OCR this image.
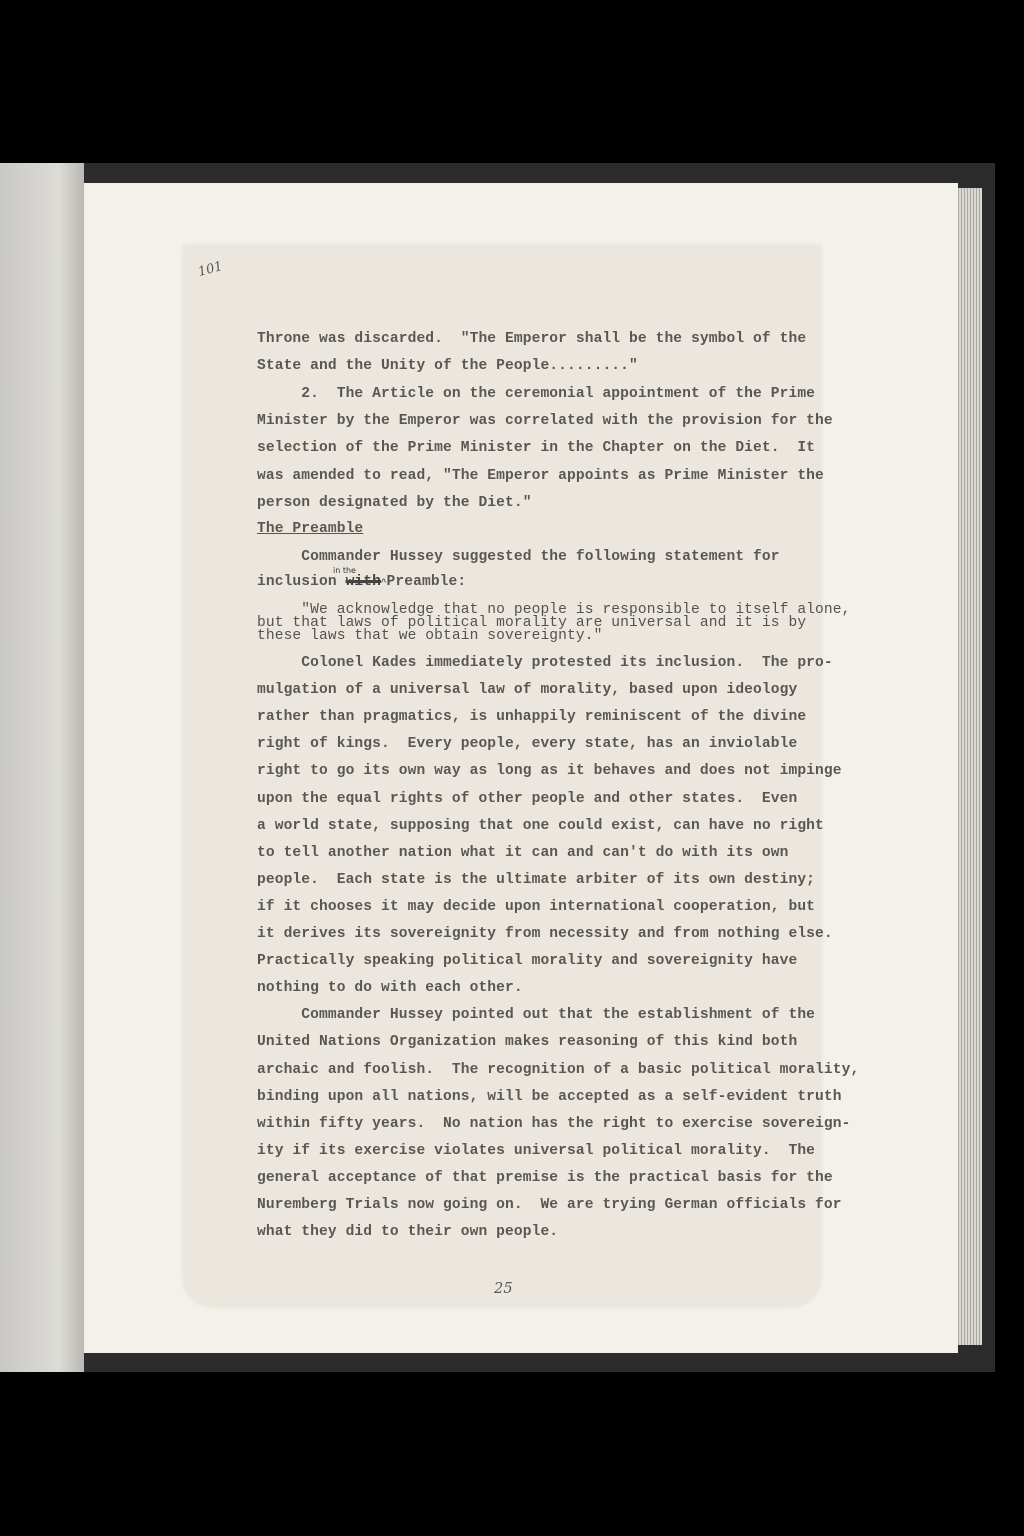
101
Throne was discarded.  "The Emperor shall be the symbol of the
State and the Unity of the People........."
2.  The Article on the ceremonial appointment of the Prime
Minister by the Emperor was correlated with the provision for the
selection of the Prime Minister in the Chapter on the Diet.  It
was amended to read, "The Emperor appoints as Prime Minister the
person designated by the Diet."
"We acknowledge that no people is responsible to itself alone,
but that laws of political morality are universal and it is by
these laws that we obtain sovereignty."
Colonel Kades immediately protested its inclusion.  The pro-
mulgation of a universal law of morality, based upon ideology
rather than pragmatics, is unhappily reminiscent of the divine
right of kings.  Every people, every state, has an inviolable
right to go its own way as long as it behaves and does not impinge
upon the equal rights of other people and other states.  Even
a world state, supposing that one could exist, can have no right
to tell another nation what it can and can't do with its own
people.  Each state is the ultimate arbiter of its own destiny;
if it chooses it may decide upon international cooperation, but
it derives its sovereignity from necessity and from nothing else.
Practically speaking political morality and sovereignity have
nothing to do with each other.
Commander Hussey pointed out that the establishment of the
United Nations Organization makes reasoning of this kind both
archaic and foolish.  The recognition of a basic political morality,
binding upon all nations, will be accepted as a self-evident truth
within fifty years.  No nation has the right to exercise sovereign-
ity if its exercise violates universal political morality.  The
general acceptance of that premise is the practical basis for the
Nuremberg Trials now going on.  We are trying German officials for
what they did to their own people.
The Preamble
Commander Hussey suggested the following statement for
in the
inclusion with^Preamble:
25
